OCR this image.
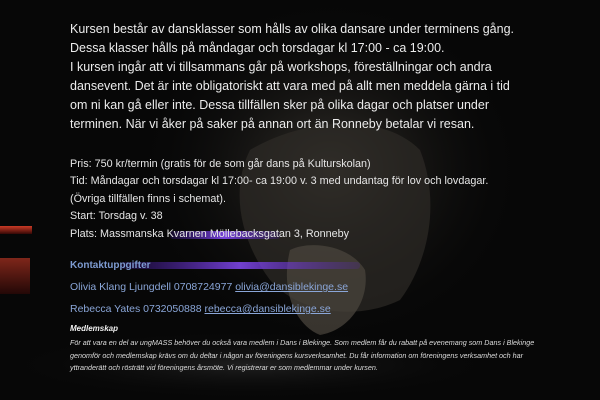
Kursen består av dansklasser som hålls av olika dansare under terminens gång.
Dessa klasser hålls på måndagar och torsdagar kl 17:00 - ca 19:00.
I kursen ingår att vi tillsammans går på workshops, föreställningar och andra
dansevent. Det är inte obligatoriskt att vara med på allt men meddela gärna i tid
om ni kan gå eller inte. Dessa tillfällen sker på olika dagar och platser under
terminen. När vi åker på saker på annan ort än Ronneby betalar vi resan.

Pris: 750 kr/termin (gratis för de som går dans på Kulturskolan)
Tid: Måndagar och torsdagar kl 17:00- ca 19:00 v. 3 med undantag för lov och lovdagar.
(Övriga tillfällen finns i schemat).
Start: Torsdag v. 38
Plats: Massmanska Kvarnen Möllebacksgatan 3, Ronneby

Kontaktuppgifter

Olivia Klang Ljungdell 0708724977 olivia@dansiblekinge.se

Rebecca Yates 0732050888 rebecca@dansiblekinge.se

Medlemskap

För att vara en del av ungMASS behöver du också vara medlem i Dans i Blekinge. Som medlem får du rabatt på evenemang som Dans i Blekinge genomför och medlemskap krävs om du deltar i någon av föreningens kursverksamhet. Du får information om föreningens verksamhet och har yttranderätt och rösträtt vid föreningens årsmöte. Vi registrerar er som medlemmar under kursen.
